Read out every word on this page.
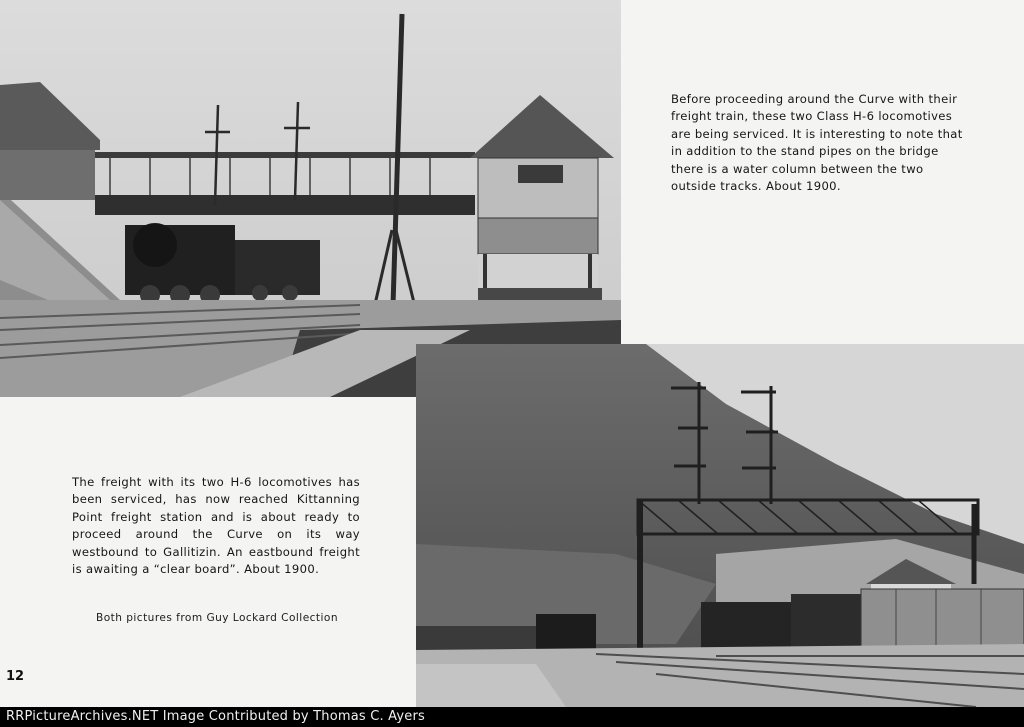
Before proceeding around the Curve with their freight train, these two Class H-6 locomotives are being serviced. It is interesting to note that in addition to the stand pipes on the bridge there is a water column between the two outside tracks. About 1900.
The freight with its two H-6 locomotives has been serviced, has now reached Kittanning Point freight station and is about ready to proceed around the Curve on its way westbound to Gallitizin. An eastbound freight is awaiting a “clear board”. About 1900.
Both pictures from Guy Lockard Collection
12
RRPictureArchives.NET Image Contributed by Thomas C. Ayers
